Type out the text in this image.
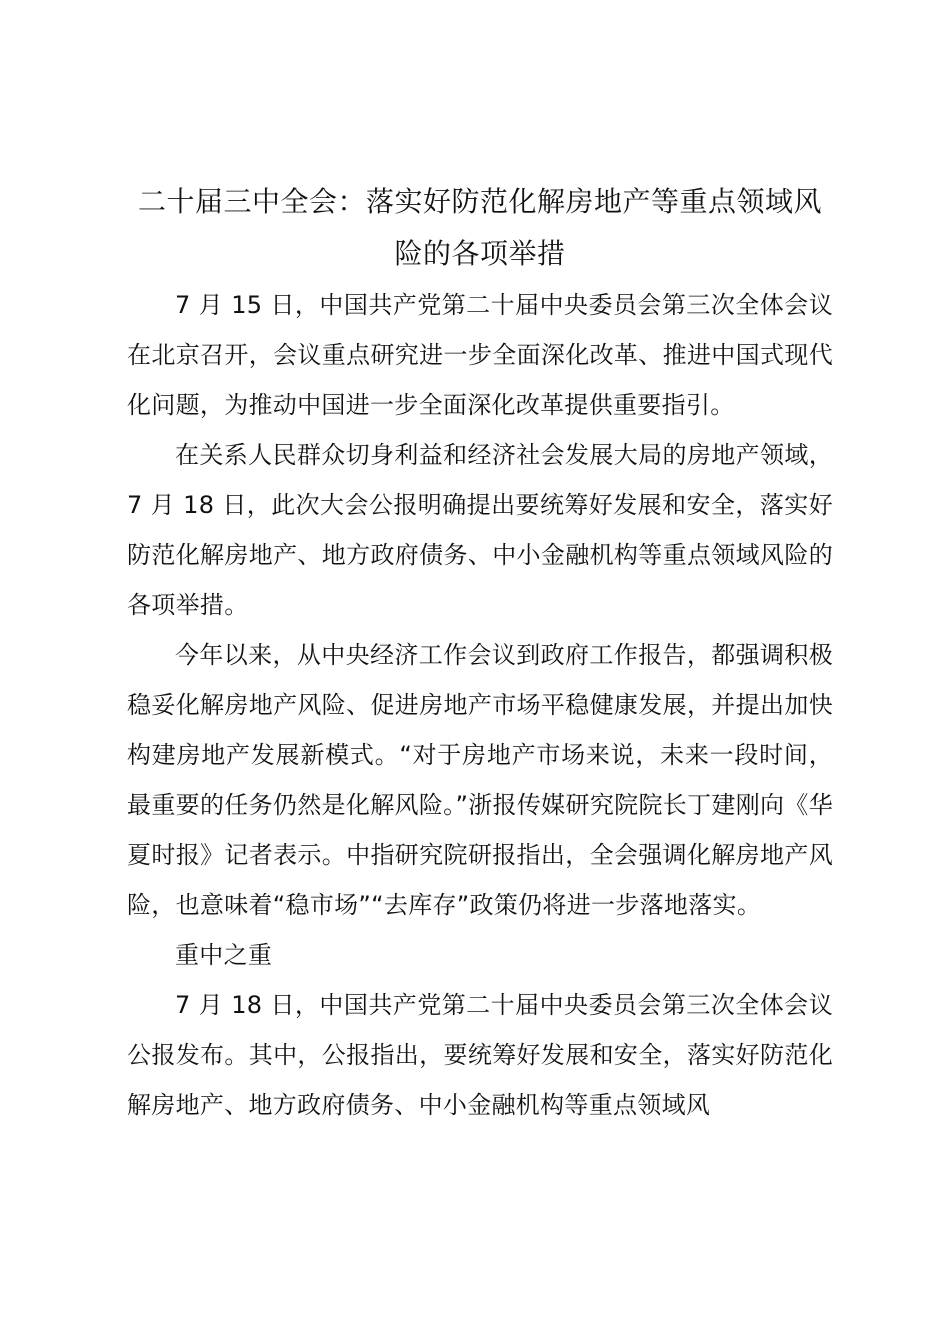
二十届三中全会：落实好防范化解房地产等重点领域风险的各项举措

7 月 15 日，中国共产党第二十届中央委员会第三次全体会议在北京召开，会议重点研究进一步全面深化改革、推进中国式现代化问题，为推动中国进一步全面深化改革提供重要指引。

在关系人民群众切身利益和经济社会发展大局的房地产领域，7 月 18 日，此次大会公报明确提出要统筹好发展和安全，落实好防范化解房地产、地方政府债务、中小金融机构等重点领域风险的各项举措。

今年以来，从中央经济工作会议到政府工作报告，都强调积极稳妥化解房地产风险、促进房地产市场平稳健康发展，并提出加快构建房地产发展新模式。“对于房地产市场来说，未来一段时间，最重要的任务仍然是化解风险。”浙报传媒研究院院长丁建刚向《华夏时报》记者表示。中指研究院研报指出，全会强调化解房地产风险，也意味着“稳市场”“去库存”政策仍将进一步落地落实。

重中之重

7 月 18 日，中国共产党第二十届中央委员会第三次全体会议公报发布。其中，公报指出，要统筹好发展和安全，落实好防范化解房地产、地方政府债务、中小金融机构等重点领域风
